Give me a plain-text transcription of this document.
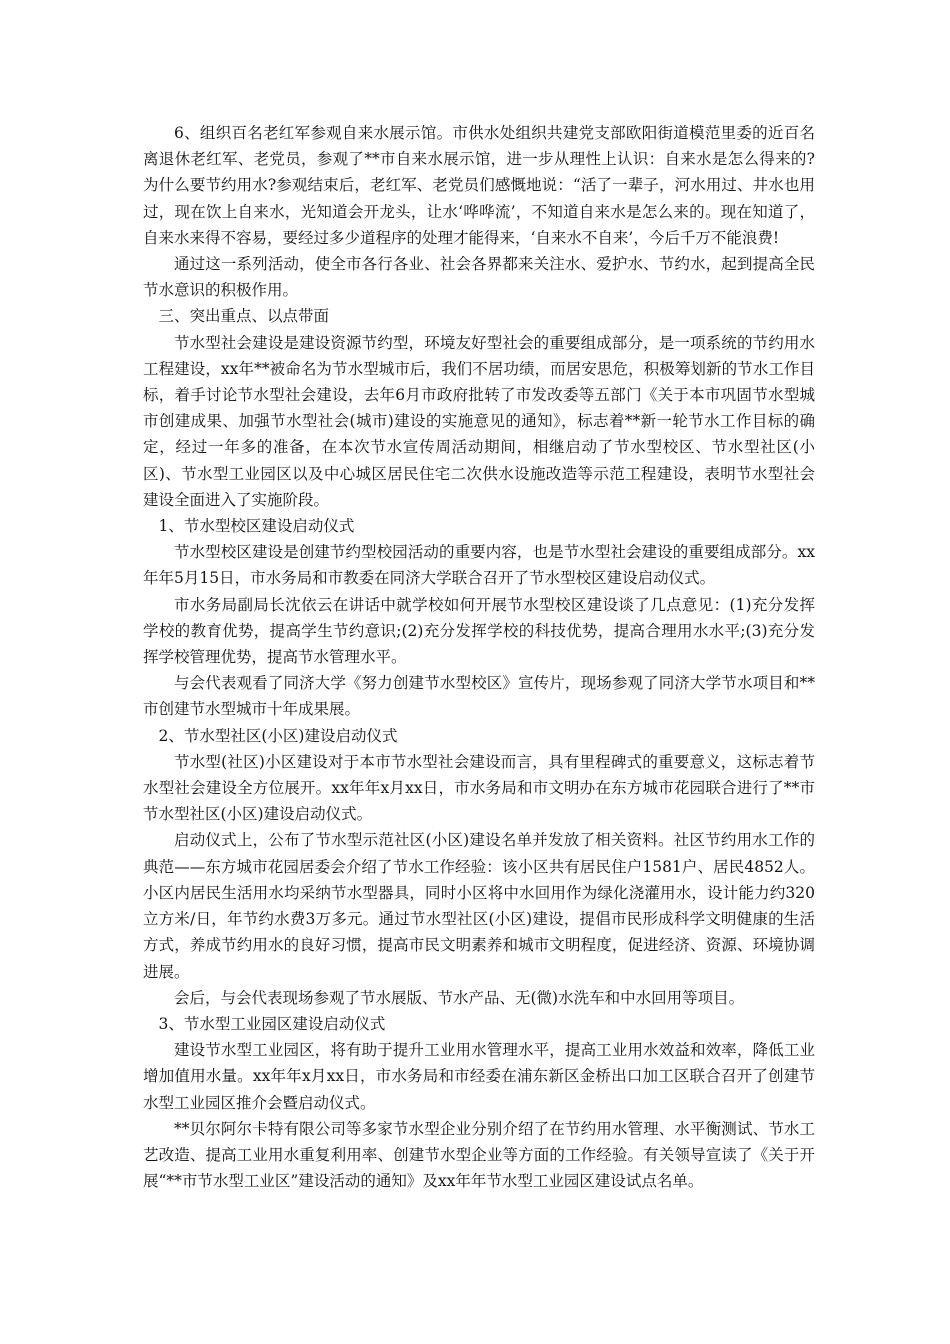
6、组织百名老红军参观自来水展示馆。市供水处组织共建党支部欧阳街道模范里委的近百名离退休老红军、老党员，参观了**市自来水展示馆，进一步从理性上认识：自来水是怎么得来的?为什么要节约用水?参观结束后，老红军、老党员们感慨地说：“活了一辈子，河水用过、井水也用过，现在饮上自来水，光知道会开龙头，让水‘哗哗流’，不知道自来水是怎么来的。现在知道了，自来水来得不容易，要经过多少道程序的处理才能得来，‘自来水不自来’，今后千万不能浪费!

通过这一系列活动，使全市各行各业、社会各界都来关注水、爱护水、节约水，起到提高全民节水意识的积极作用。

三、突出重点、以点带面

节水型社会建设是建设资源节约型，环境友好型社会的重要组成部分，是一项系统的节约用水工程建设，xx年**被命名为节水型城市后，我们不居功绩，而居安思危，积极筹划新的节水工作目标，着手讨论节水型社会建设，去年6月市政府批转了市发改委等五部门《关于本市巩固节水型城市创建成果、加强节水型社会(城市)建设的实施意见的通知》，标志着**新一轮节水工作目标的确定，经过一年多的准备，在本次节水宣传周活动期间，相继启动了节水型校区、节水型社区(小区)、节水型工业园区以及中心城区居民住宅二次供水设施改造等示范工程建设，表明节水型社会建设全面进入了实施阶段。

1、节水型校区建设启动仪式

节水型校区建设是创建节约型校园活动的重要内容，也是节水型社会建设的重要组成部分。xx年年5月15日，市水务局和市教委在同济大学联合召开了节水型校区建设启动仪式。

市水务局副局长沈依云在讲话中就学校如何开展节水型校区建设谈了几点意见：(1)充分发挥学校的教育优势，提高学生节约意识;(2)充分发挥学校的科技优势，提高合理用水水平;(3)充分发挥学校管理优势，提高节水管理水平。

与会代表观看了同济大学《努力创建节水型校区》宣传片，现场参观了同济大学节水项目和**市创建节水型城市十年成果展。

2、节水型社区(小区)建设启动仪式

节水型(社区)小区建设对于本市节水型社会建设而言，具有里程碑式的重要意义，这标志着节水型社会建设全方位展开。xx年年x月xx日，市水务局和市文明办在东方城市花园联合进行了**市节水型社区(小区)建设启动仪式。

启动仪式上，公布了节水型示范社区(小区)建设名单并发放了相关资料。社区节约用水工作的典范——东方城市花园居委会介绍了节水工作经验：该小区共有居民住户1581户、居民4852人。小区内居民生活用水均采纳节水型器具，同时小区将中水回用作为绿化浇灌用水，设计能力约320立方米/日，年节约水费3万多元。通过节水型社区(小区)建设，提倡市民形成科学文明健康的生活方式，养成节约用水的良好习惯，提高市民文明素养和城市文明程度，促进经济、资源、环境协调进展。

会后，与会代表现场参观了节水展版、节水产品、无(微)水洗车和中水回用等项目。

3、节水型工业园区建设启动仪式

建设节水型工业园区，将有助于提升工业用水管理水平，提高工业用水效益和效率，降低工业增加值用水量。xx年年x月xx日，市水务局和市经委在浦东新区金桥出口加工区联合召开了创建节水型工业园区推介会暨启动仪式。

**贝尔阿尔卡特有限公司等多家节水型企业分别介绍了在节约用水管理、水平衡测试、节水工艺改造、提高工业用水重复利用率、创建节水型企业等方面的工作经验。有关领导宣读了《关于开展“**市节水型工业区”建设活动的通知》及xx年年节水型工业园区建设试点名单。
